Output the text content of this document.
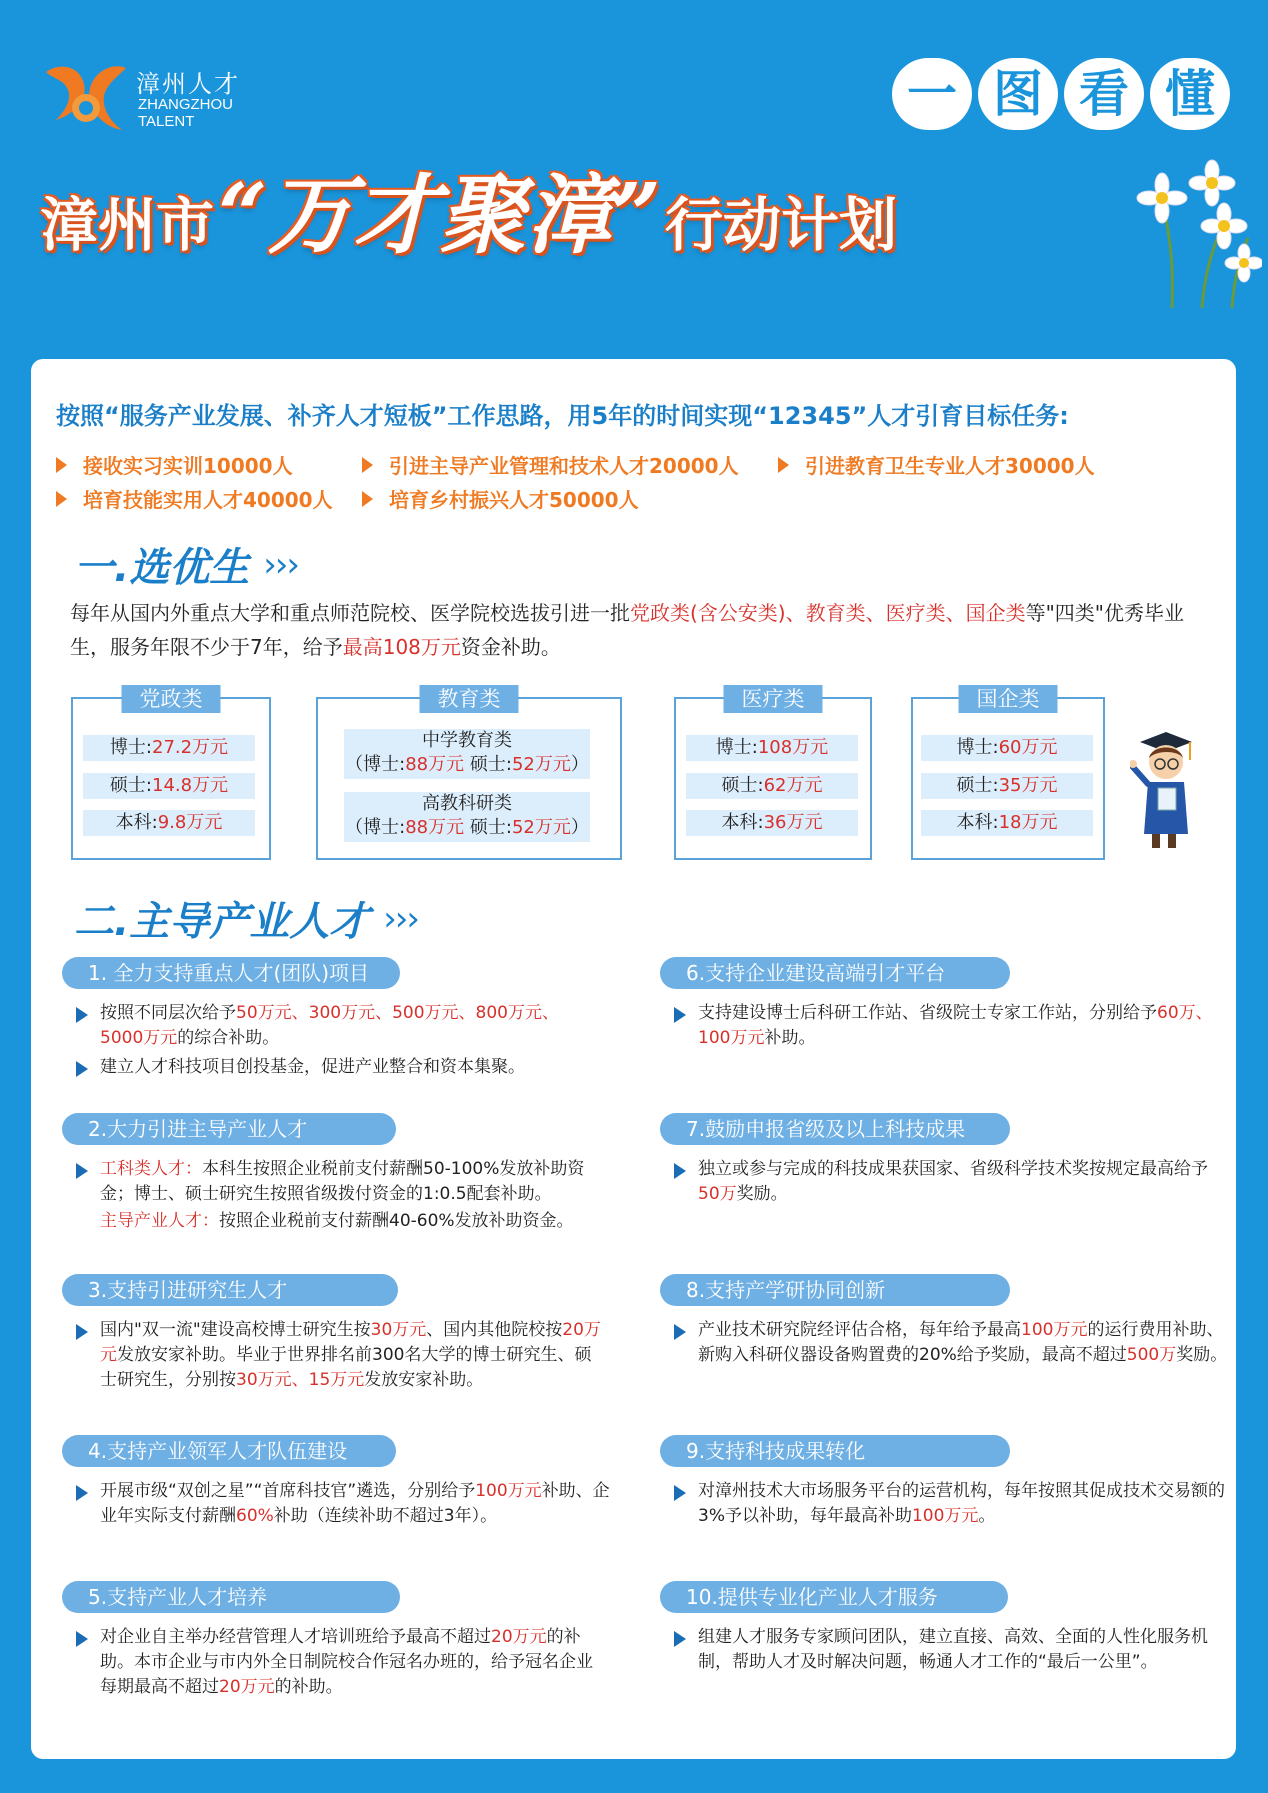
漳州人才
ZHANGZHOU
TALENT	一 图 看 懂
漳州市 “万才聚漳” 行动计划
按照“服务产业发展、补齐人才短板”工作思路，用5年的时间实现“12345”人才引育目标任务:
接收实习实训10000人	引进主导产业管理和技术人才20000人	引进教育卫生专业人才30000人
培育技能实用人才40000人	培育乡村振兴人才50000人
一.选优生 ›››
每年从国内外重点大学和重点师范院校、医学院校选拔引进一批党政类(含公安类)、教育类、医疗类、国企类等"四类"优秀毕业生，服务年限不少于7年，给予最高108万元资金补助。
党政类
博士:27.2万元
硕士:14.8万元
本科:9.8万元
教育类
中学教育类
（博士:88万元 硕士:52万元）
高教科研类
（博士:88万元 硕士:52万元）
医疗类
博士:108万元
硕士:62万元
本科:36万元
国企类
博士:60万元
硕士:35万元
本科:18万元
二.主导产业人才 ›››
1. 全力支持重点人才(团队)项目
按照不同层次给予50万元、300万元、500万元、800万元、5000万元的综合补助。
建立人才科技项目创投基金，促进产业整合和资本集聚。
2.大力引进主导产业人才
工科类人才：本科生按照企业税前支付薪酬50-100%发放补助资金；博士、硕士研究生按照省级拨付资金的1:0.5配套补助。
主导产业人才：按照企业税前支付薪酬40-60%发放补助资金。
3.支持引进研究生人才
国内"双一流"建设高校博士研究生按30万元、国内其他院校按20万元发放安家补助。毕业于世界排名前300名大学的博士研究生、硕士研究生，分别按30万元、15万元发放安家补助。
4.支持产业领军人才队伍建设
开展市级“双创之星”“首席科技官”遴选，分别给予100万元补助、企业年实际支付薪酬60%补助（连续补助不超过3年）。
5.支持产业人才培养
对企业自主举办经营管理人才培训班给予最高不超过20万元的补助。本市企业与市内外全日制院校合作冠名办班的，给予冠名企业每期最高不超过20万元的补助。
6.支持企业建设高端引才平台
支持建设博士后科研工作站、省级院士专家工作站，分别给予60万、100万元补助。
7.鼓励申报省级及以上科技成果
独立或参与完成的科技成果获国家、省级科学技术奖按规定最高给予50万奖励。
8.支持产学研协同创新
产业技术研究院经评估合格，每年给予最高100万元的运行费用补助、新购入科研仪器设备购置费的20%给予奖励，最高不超过500万奖励。
9.支持科技成果转化
对漳州技术大市场服务平台的运营机构，每年按照其促成技术交易额的3%予以补助，每年最高补助100万元。
10.提供专业化产业人才服务
组建人才服务专家顾问团队，建立直接、高效、全面的人性化服务机制，帮助人才及时解决问题，畅通人才工作的“最后一公里”。
